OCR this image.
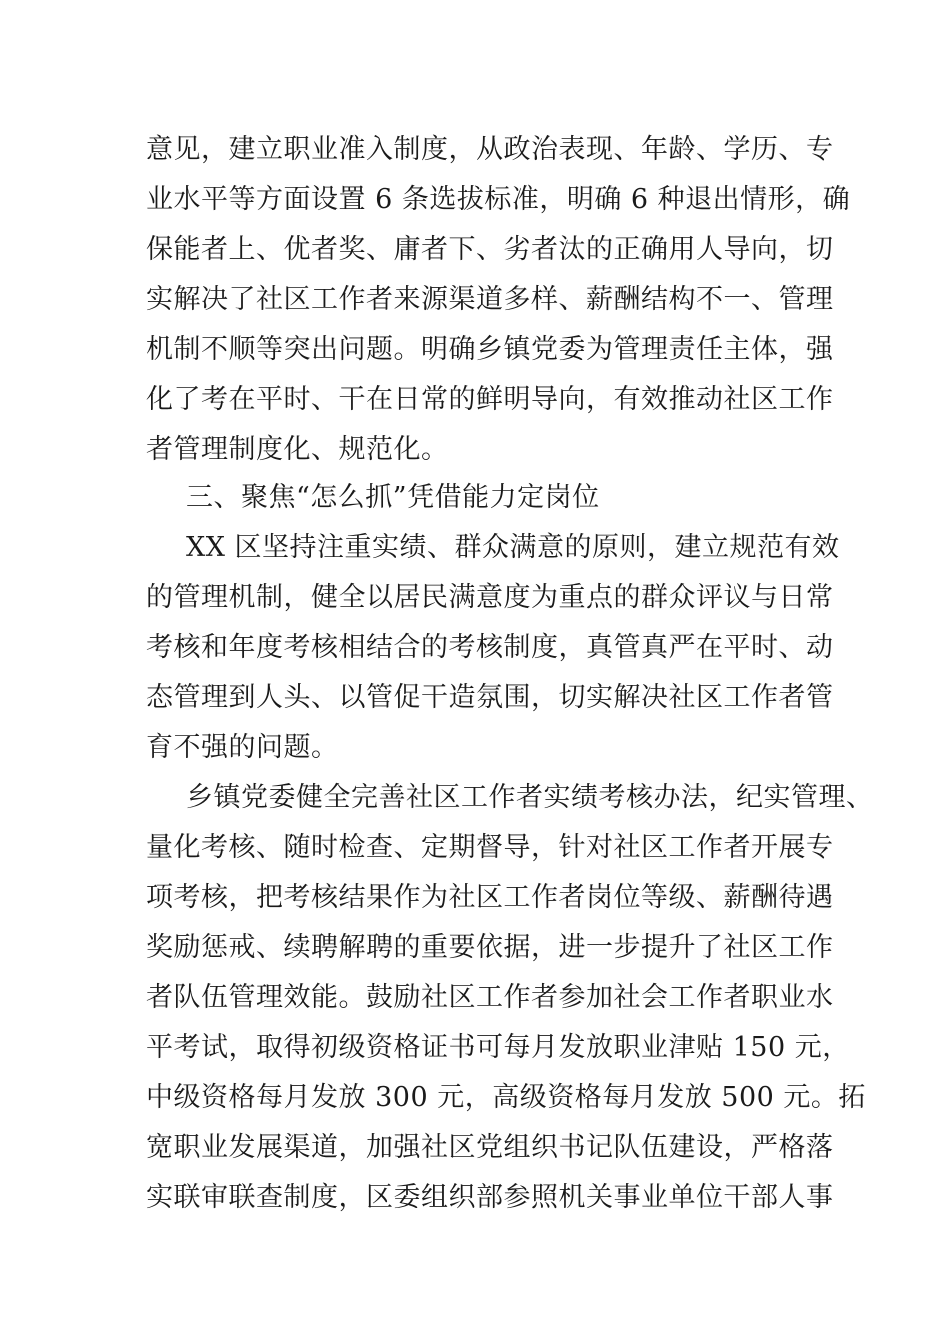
意见，建立职业准入制度，从政治表现、年龄、学历、专
业水平等方面设置 6 条选拔标准，明确 6 种退出情形，确
保能者上、优者奖、庸者下、劣者汰的正确用人导向，切
实解决了社区工作者来源渠道多样、薪酬结构不一、管理
机制不顺等突出问题。明确乡镇党委为管理责任主体，强
化了考在平时、干在日常的鲜明导向，有效推动社区工作
者管理制度化、规范化。
三、聚焦“怎么抓”凭借能力定岗位
XX 区坚持注重实绩、群众满意的原则，建立规范有效
的管理机制，健全以居民满意度为重点的群众评议与日常
考核和年度考核相结合的考核制度，真管真严在平时、动
态管理到人头、以管促干造氛围，切实解决社区工作者管
育不强的问题。
乡镇党委健全完善社区工作者实绩考核办法，纪实管理、
量化考核、随时检查、定期督导，针对社区工作者开展专
项考核，把考核结果作为社区工作者岗位等级、薪酬待遇
奖励惩戒、续聘解聘的重要依据，进一步提升了社区工作
者队伍管理效能。鼓励社区工作者参加社会工作者职业水
平考试，取得初级资格证书可每月发放职业津贴 150 元，
中级资格每月发放 300 元，高级资格每月发放 500 元。拓
宽职业发展渠道，加强社区党组织书记队伍建设，严格落
实联审联查制度，区委组织部参照机关事业单位干部人事
